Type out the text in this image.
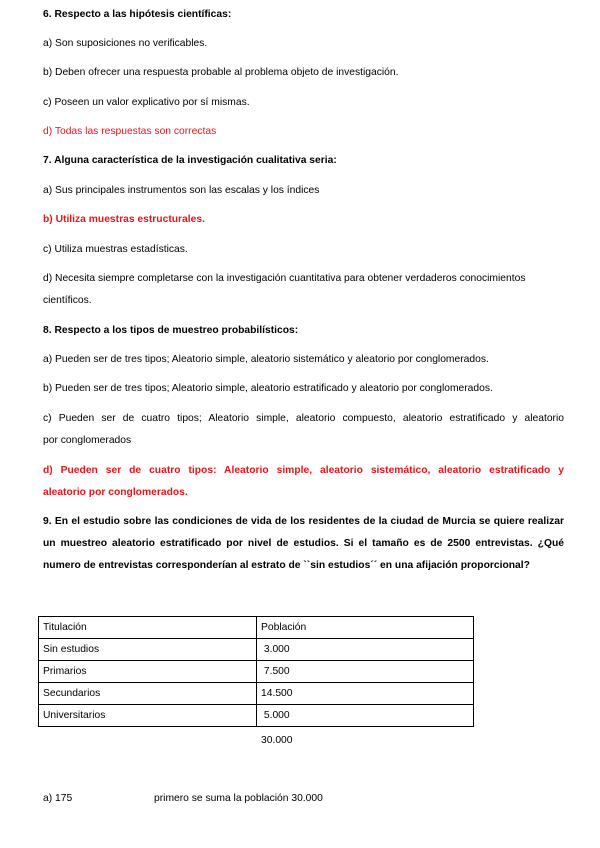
6. Respecto a las hipótesis científicas:
a) Son suposiciones no verificables.
b) Deben ofrecer una respuesta probable al problema objeto de investigación.
c) Poseen un valor explicativo por sí mismas.
d) Todas las respuestas son correctas
7. Alguna característica de la investigación cualitativa seria:
a) Sus principales instrumentos son las escalas y los índices
b) Utiliza muestras estructurales.
c) Utiliza muestras estadísticas.
d) Necesita siempre completarse con la investigación cuantitativa para obtener verdaderos conocimientos
científicos.
8. Respecto a los tipos de muestreo probabilísticos:
a) Pueden ser de tres tipos; Aleatorio simple, aleatorio sistemático y aleatorio por conglomerados.
b) Pueden ser de tres tipos; Aleatorio simple, aleatorio estratificado y aleatorio por conglomerados.
c) Pueden ser de cuatro tipos; Aleatorio simple, aleatorio compuesto, aleatorio estratificado y aleatorio
por conglomerados
d) Pueden ser de cuatro tipos: Aleatorio simple, aleatorio sistemático, aleatorio estratificado y
aleatorio por conglomerados.
9. En el estudio sobre las condiciones de vida de los residentes de la ciudad de Murcia se quiere realizar
un muestreo aleatorio estratificado por nivel de estudios. Si el tamaño es de 2500 entrevistas. ¿Qué
numero de entrevistas corresponderían al estrato de ``sin estudios´´ en una afijación proporcional?
Titulación	Población
Sin estudios	3.000
Primarios	7.500
Secundarios	14.500
Universitarios	5.000
30.000
a) 175	primero se suma la población 30.000
